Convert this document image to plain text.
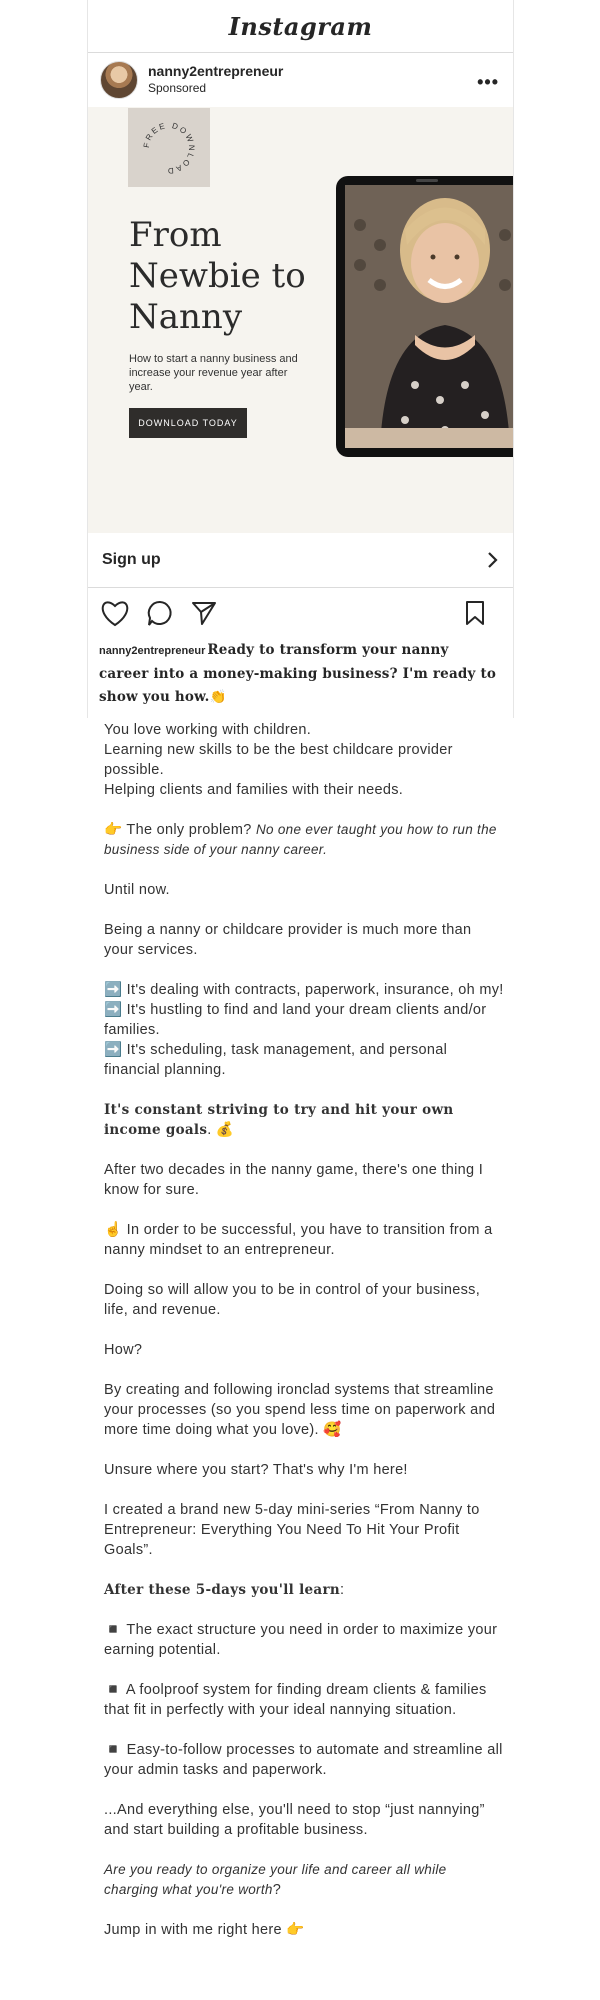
Instagram
nanny2entrepreneur
Sponsored	•••
FREE DOWNLOAD
From Newbie to Nanny
How to start a nanny business and increase your revenue year after year.
DOWNLOAD TODAY
Sign up
nanny2entrepreneur Ready to transform your nanny career into a money-making business? I'm ready to show you how.👏

You love working with children.
Learning new skills to be the best childcare provider possible.
Helping clients and families with their needs.

👉 The only problem? No one ever taught you how to run the business side of your nanny career.

Until now.

Being a nanny or childcare provider is much more than your services.

➡️ It's dealing with contracts, paperwork, insurance, oh my!
➡️ It's hustling to find and land your dream clients and/or families.
➡️ It's scheduling, task management, and personal financial planning.

It's constant striving to try and hit your own income goals. 💰

After two decades in the nanny game, there's one thing I know for sure.

☝️ In order to be successful, you have to transition from a nanny mindset to an entrepreneur.

Doing so will allow you to be in control of your business, life, and revenue.

How?

By creating and following ironclad systems that streamline your processes (so you spend less time on paperwork and more time doing what you love). 🥰

Unsure where you start? That's why I'm here!

I created a brand new 5-day mini-series “From Nanny to Entrepreneur: Everything You Need To Hit Your Profit Goals”.

After these 5-days you'll learn:

◾ The exact structure you need in order to maximize your earning potential.

◾ A foolproof system for finding dream clients & families that fit in perfectly with your ideal nannying situation.

◾ Easy-to-follow processes to automate and streamline all your admin tasks and paperwork.

...And everything else, you'll need to stop “just nannying” and start building a profitable business.

Are you ready to organize your life and career all while charging what you're worth?

Jump in with me right here 👉
